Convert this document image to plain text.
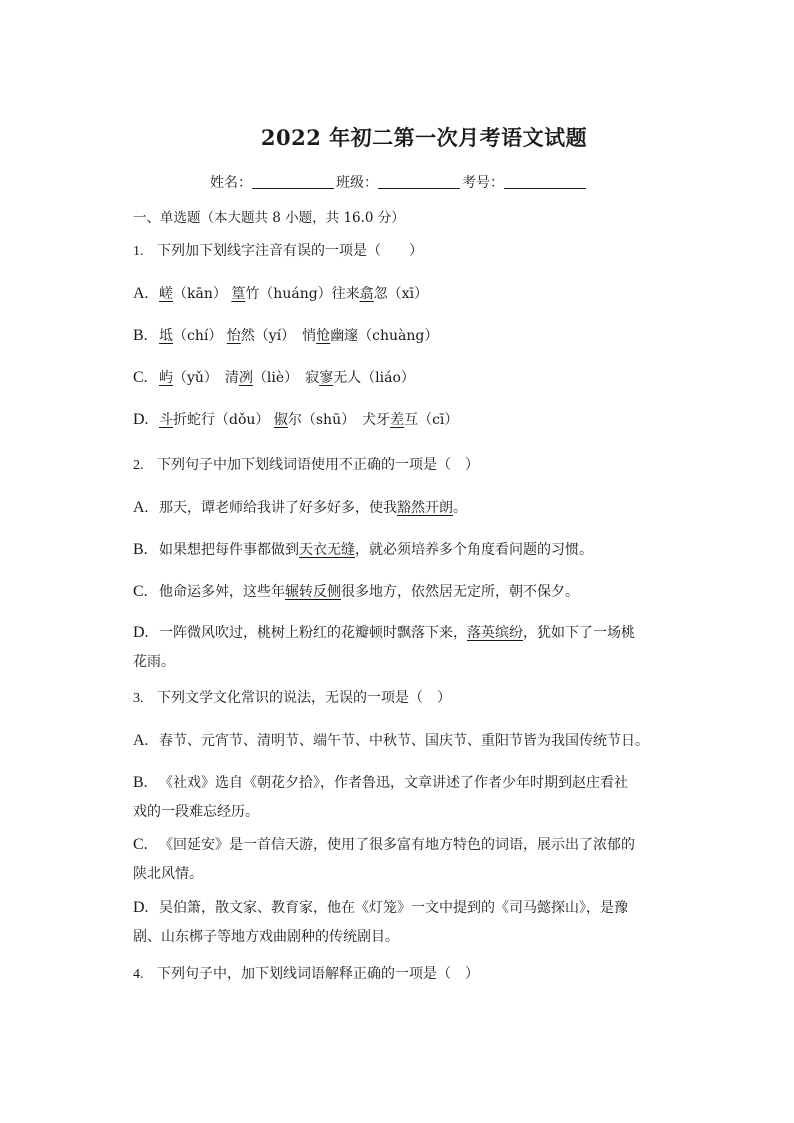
2022 年初二第一次月考语文试题
姓名：	班级：	考号：
一、单选题（本大题共 8 小题，共 16.0 分）
1. 下列加下划线字注音有误的一项是（　　）
A. 嵯（kān） 篁竹（huáng）往来翕忽（xī）
B. 坻（chí） 怡然（yí）　悄怆幽邃（chuàng）
C. 屿（yǔ）　清冽（liè）　寂寥无人（liáo）
D. 斗折蛇行（dǒu） 俶尔（shū）　犬牙差互（cī）
2. 下列句子中加下划线词语使用不正确的一项是（　）
A. 那天，谭老师给我讲了好多好多，使我豁然开朗。
B. 如果想把每件事都做到天衣无缝，就必须培养多个角度看问题的习惯。
C. 他命运多舛，这些年辗转反侧很多地方，依然居无定所，朝不保夕。
D. 一阵微风吹过，桃树上粉红的花瓣顿时飘落下来，落英缤纷，犹如下了一场桃
花雨。
3. 下列文学文化常识的说法，无误的一项是（　）
A. 春节、元宵节、清明节、端午节、中秋节、国庆节、重阳节皆为我国传统节日。
B. 《社戏》选自《朝花夕拾》，作者鲁迅，文章讲述了作者少年时期到赵庄看社
戏的一段难忘经历。
C. 《回延安》是一首信天游，使用了很多富有地方特色的词语，展示出了浓郁的
陕北风情。
D. 吴伯箫，散文家、教育家，他在《灯笼》一文中提到的《司马懿探山》，是豫
剧、山东梆子等地方戏曲剧种的传统剧目。
4. 下列句子中，加下划线词语解释正确的一项是（　）
